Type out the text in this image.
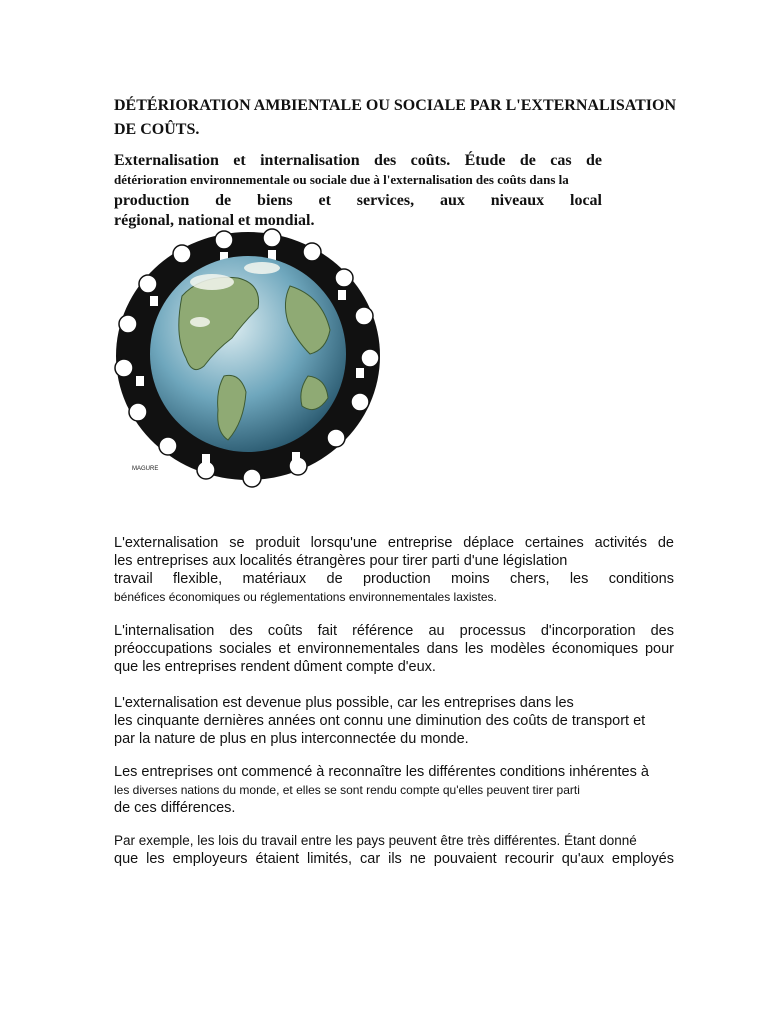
DÉTÉRIORATION AMBIENTALE OU SOCIALE PAR L'EXTERNALISATION DE COÛTS.
Externalisation et internalisation des coûts. Étude de cas de
détérioration environnementale ou sociale due à l'externalisation des coûts dans la
production de biens et services, aux niveaux local
régional, national et mondial.
MAGURE
L'externalisation se produit lorsqu'une entreprise déplace certaines activités de
les entreprises aux localités étrangères pour tirer parti d'une législation
travail flexible, matériaux de production moins chers, les conditions
bénéfices économiques ou réglementations environnementales laxistes.
L'internalisation des coûts fait référence au processus d'incorporation des
préoccupations sociales et environnementales dans les modèles économiques pour
que les entreprises rendent dûment compte d'eux.
L'externalisation est devenue plus possible, car les entreprises dans les
les cinquante dernières années ont connu une diminution des coûts de transport et
par la nature de plus en plus interconnectée du monde.
Les entreprises ont commencé à reconnaître les différentes conditions inhérentes à
les diverses nations du monde, et elles se sont rendu compte qu'elles peuvent tirer parti
de ces différences.
Par exemple, les lois du travail entre les pays peuvent être très différentes. Étant donné
que les employeurs étaient limités, car ils ne pouvaient recourir qu'aux employés
